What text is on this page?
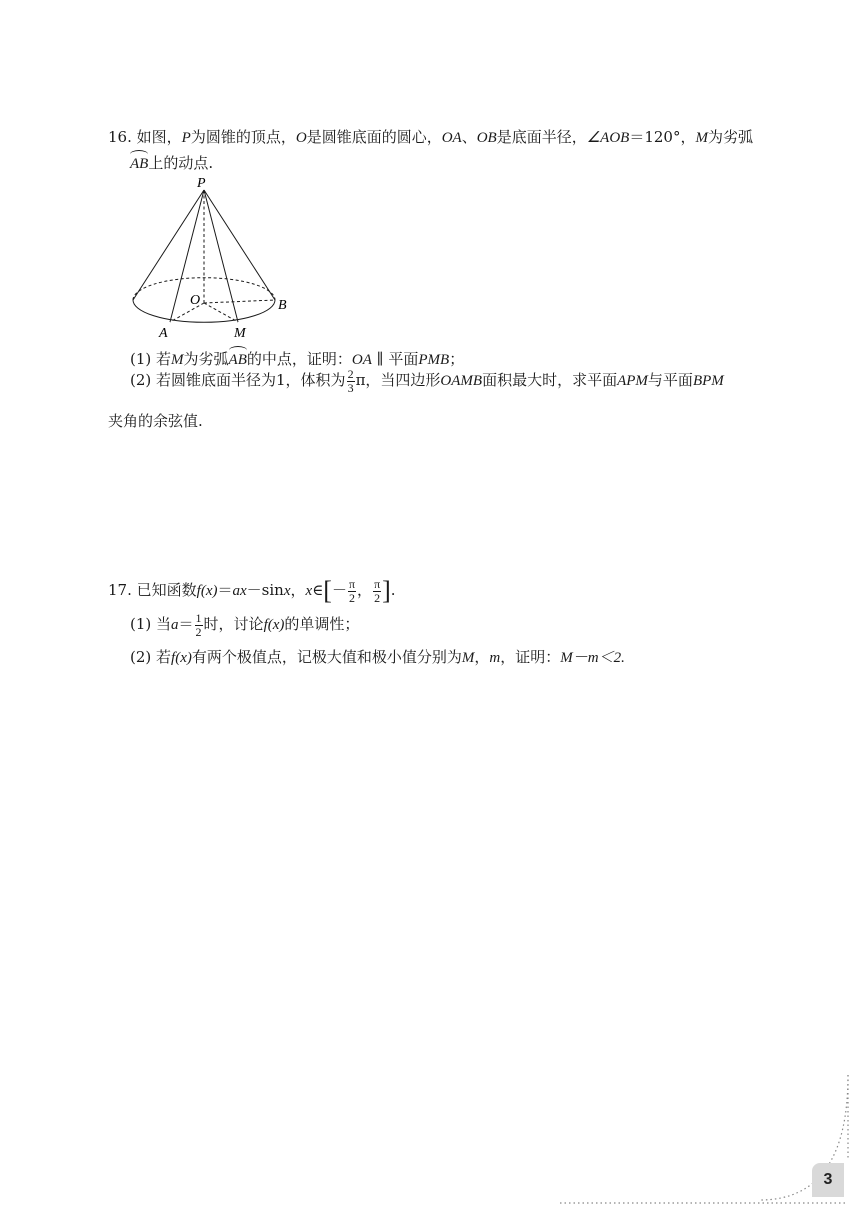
16. 如图，P为圆锥的顶点，O是圆锥底面的圆心，OA、OB是底面半径，∠AOB＝120°，M为劣弧
AB上的动点.
P
O	B
A	M
(1) 若M为劣弧AB的中点，证明：OA ∥ 平面PMB；
(2) 若圆锥底面半径为1，体积为 $\frac{2}{3}$ π，当四边形OAMB面积最大时，求平面APM与平面BPM
夹角的余弦值.
17. 已知函数f(x)＝ax－sinx，x∈[－ $\frac{\pi}{2}$ ， $\frac{\pi}{2}$ ].
(1) 当$a= \frac{1}{2}$ 时，讨论f(x)的单调性；
(2) 若f(x)有两个极值点，记极大值和极小值分别为M，m，证明：M－m＜2.
3
